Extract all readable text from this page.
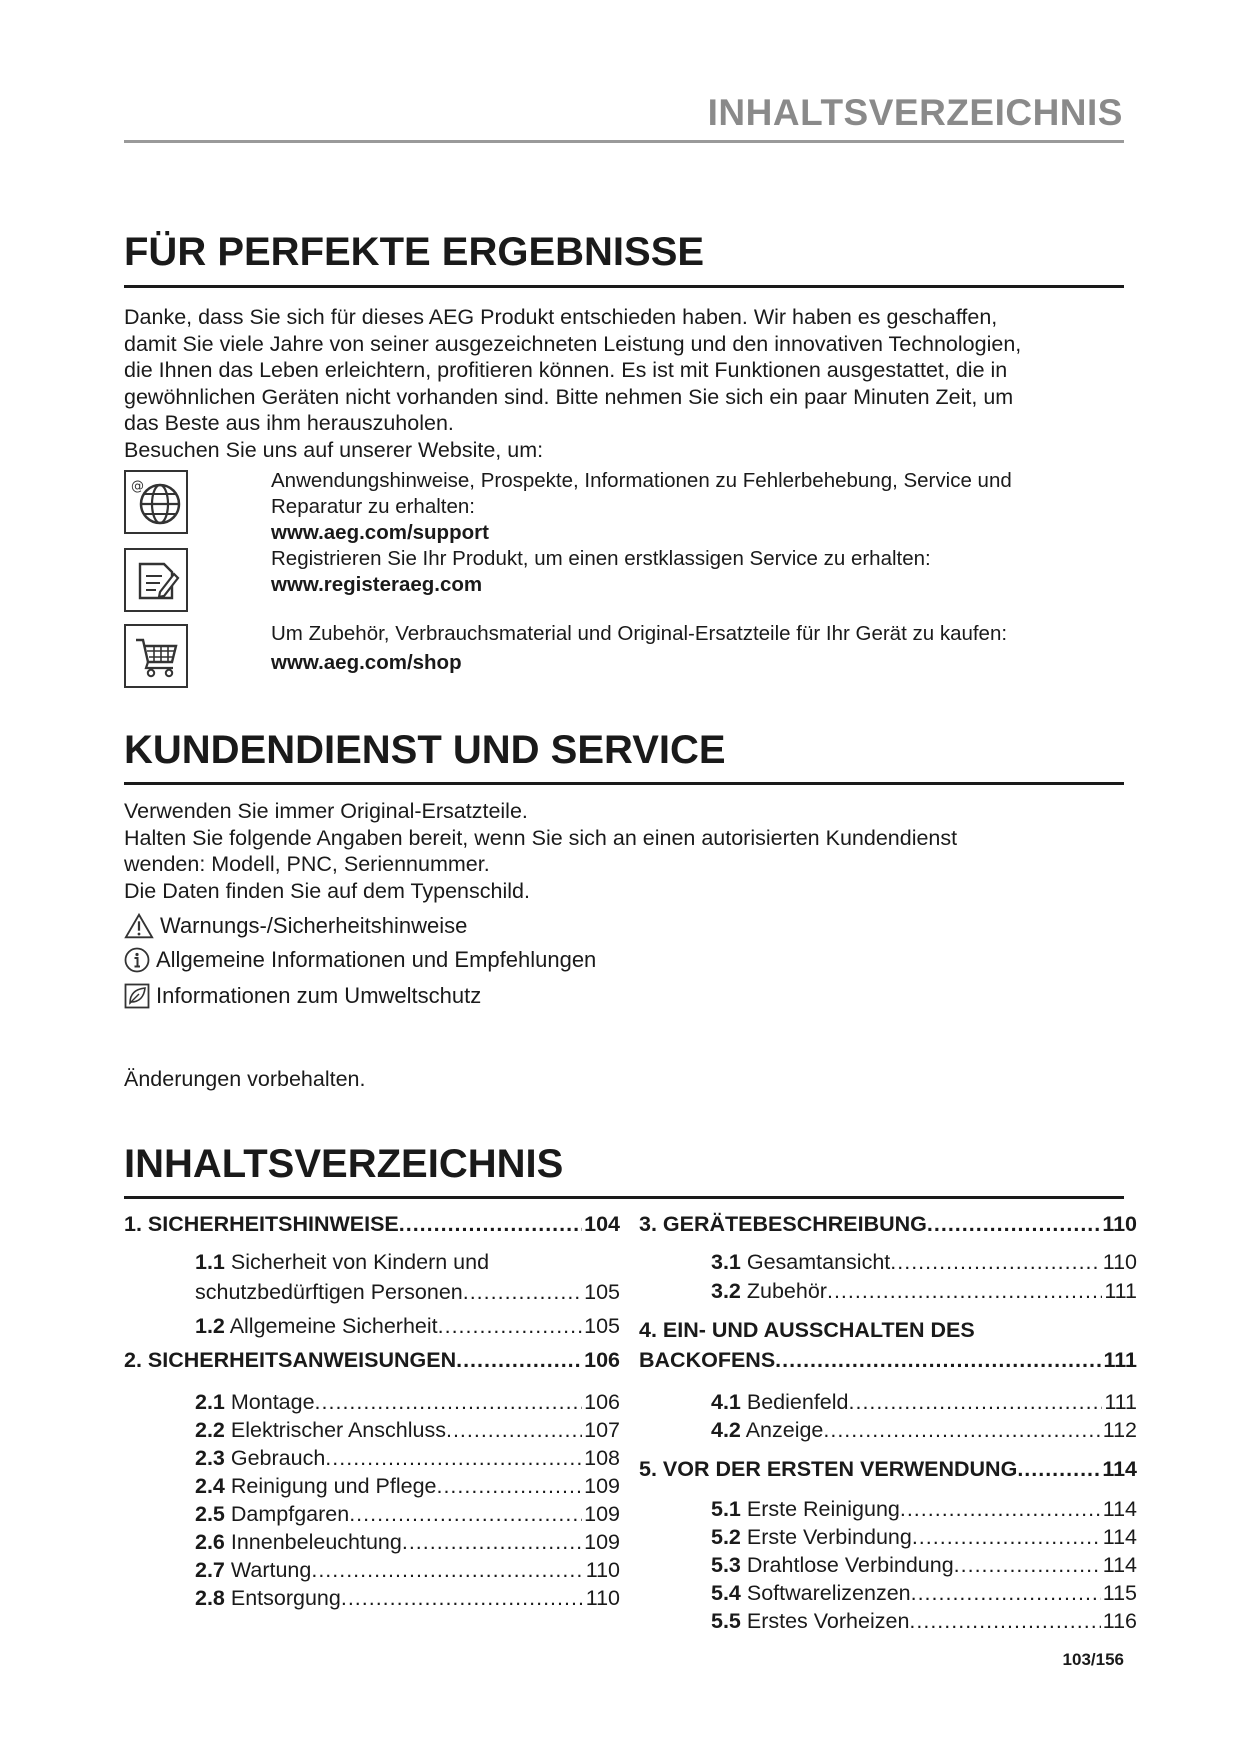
INHALTSVERZEICHNIS
FÜR PERFEKTE ERGEBNISSE
Danke, dass Sie sich für dieses AEG Produkt entschieden haben. Wir haben es geschaffen,
damit Sie viele Jahre von seiner ausgezeichneten Leistung und den innovativen Technologien,
die Ihnen das Leben erleichtern, profitieren können. Es ist mit Funktionen ausgestattet, die in
gewöhnlichen Geräten nicht vorhanden sind. Bitte nehmen Sie sich ein paar Minuten Zeit, um
das Beste aus ihm herauszuholen.
Besuchen Sie uns auf unserer Website, um:
@	Anwendungshinweise, Prospekte, Informationen zu Fehlerbehebung, Service und
Reparatur zu erhalten:
www.aeg.com/support
Registrieren Sie Ihr Produkt, um einen erstklassigen Service zu erhalten:
www.registeraeg.com
Um Zubehör, Verbrauchsmaterial und Original-Ersatzteile für Ihr Gerät zu kaufen:
www.aeg.com/shop
KUNDENDIENST UND SERVICE
Verwenden Sie immer Original-Ersatzteile.
Halten Sie folgende Angaben bereit, wenn Sie sich an einen autorisierten Kundendienst
wenden: Modell, PNC, Seriennummer.
Die Daten finden Sie auf dem Typenschild.
Warnungs-/Sicherheitshinweise
Allgemeine Informationen und Empfehlungen
Informationen zum Umweltschutz
Änderungen vorbehalten.
INHALTSVERZEICHNIS
1. SICHERHEITSHINWEISE .....	104
1.1 Sicherheit von Kindern und
schutzbedürftigen Personen .....	105
1.2 Allgemeine Sicherheit .....	105
2. SICHERHEITSANWEISUNGEN .....	106
2.1 Montage .....	106
2.2 Elektrischer Anschluss .....	107
2.3 Gebrauch .....	108
2.4 Reinigung und Pflege .....	109
2.5 Dampfgaren .....	109
2.6 Innenbeleuchtung .....	109
2.7 Wartung .....	110
2.8 Entsorgung .....	110
3. GERÄTEBESCHREIBUNG .....	110
3.1 Gesamtansicht .....	110
3.2 Zubehör .....	111
4. EIN- UND AUSSCHALTEN DES
BACKOFENS .....	111
4.1 Bedienfeld .....	111
4.2 Anzeige .....	112
5. VOR DER ERSTEN VERWENDUNG .....	114
5.1 Erste Reinigung .....	114
5.2 Erste Verbindung .....	114
5.3 Drahtlose Verbindung .....	114
5.4 Softwarelizenzen .....	115
5.5 Erstes Vorheizen .....	116
103/156
